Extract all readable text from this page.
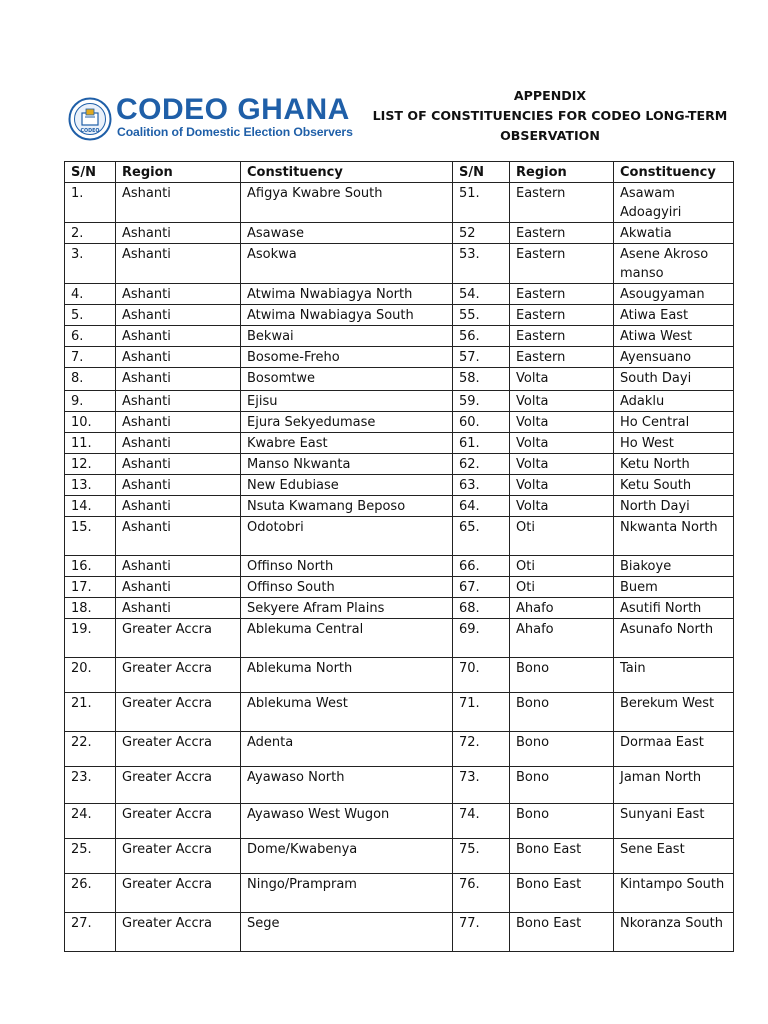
CODEO
CODEO GHANA
Coalition of Domestic Election Observers
APPENDIX
LIST OF CONSTITUENCIES FOR CODEO LONG-TERM
OBSERVATION
S/N	Region	Constituency	S/N	Region	Constituency
1.	Ashanti	Afigya Kwabre South	51.	Eastern	Asawam Adoagyiri
2.	Ashanti	Asawase	52	Eastern	Akwatia
3.	Ashanti	Asokwa	53.	Eastern	Asene Akroso manso
4.	Ashanti	Atwima Nwabiagya North	54.	Eastern	Asougyaman
5.	Ashanti	Atwima Nwabiagya South	55.	Eastern	Atiwa East
6.	Ashanti	Bekwai	56.	Eastern	Atiwa West
7.	Ashanti	Bosome-Freho	57.	Eastern	Ayensuano
8.	Ashanti	Bosomtwe	58.	Volta	South Dayi
9.	Ashanti	Ejisu	59.	Volta	Adaklu
10.	Ashanti	Ejura Sekyedumase	60.	Volta	Ho Central
11.	Ashanti	Kwabre East	61.	Volta	Ho West
12.	Ashanti	Manso Nkwanta	62.	Volta	Ketu North
13.	Ashanti	New Edubiase	63.	Volta	Ketu South
14.	Ashanti	Nsuta Kwamang Beposo	64.	Volta	North Dayi
15.	Ashanti	Odotobri	65.	Oti	Nkwanta North
16.	Ashanti	Offinso North	66.	Oti	Biakoye
17.	Ashanti	Offinso South	67.	Oti	Buem
18.	Ashanti	Sekyere Afram Plains	68.	Ahafo	Asutifi North
19.	Greater Accra	Ablekuma Central	69.	Ahafo	Asunafo North
20.	Greater Accra	Ablekuma North	70.	Bono	Tain
21.	Greater Accra	Ablekuma West	71.	Bono	Berekum West
22.	Greater Accra	Adenta	72.	Bono	Dormaa East
23.	Greater Accra	Ayawaso North	73.	Bono	Jaman North
24.	Greater Accra	Ayawaso West Wugon	74.	Bono	Sunyani East
25.	Greater Accra	Dome/Kwabenya	75.	Bono East	Sene East
26.	Greater Accra	Ningo/Prampram	76.	Bono East	Kintampo South
27.	Greater Accra	Sege	77.	Bono East	Nkoranza South
